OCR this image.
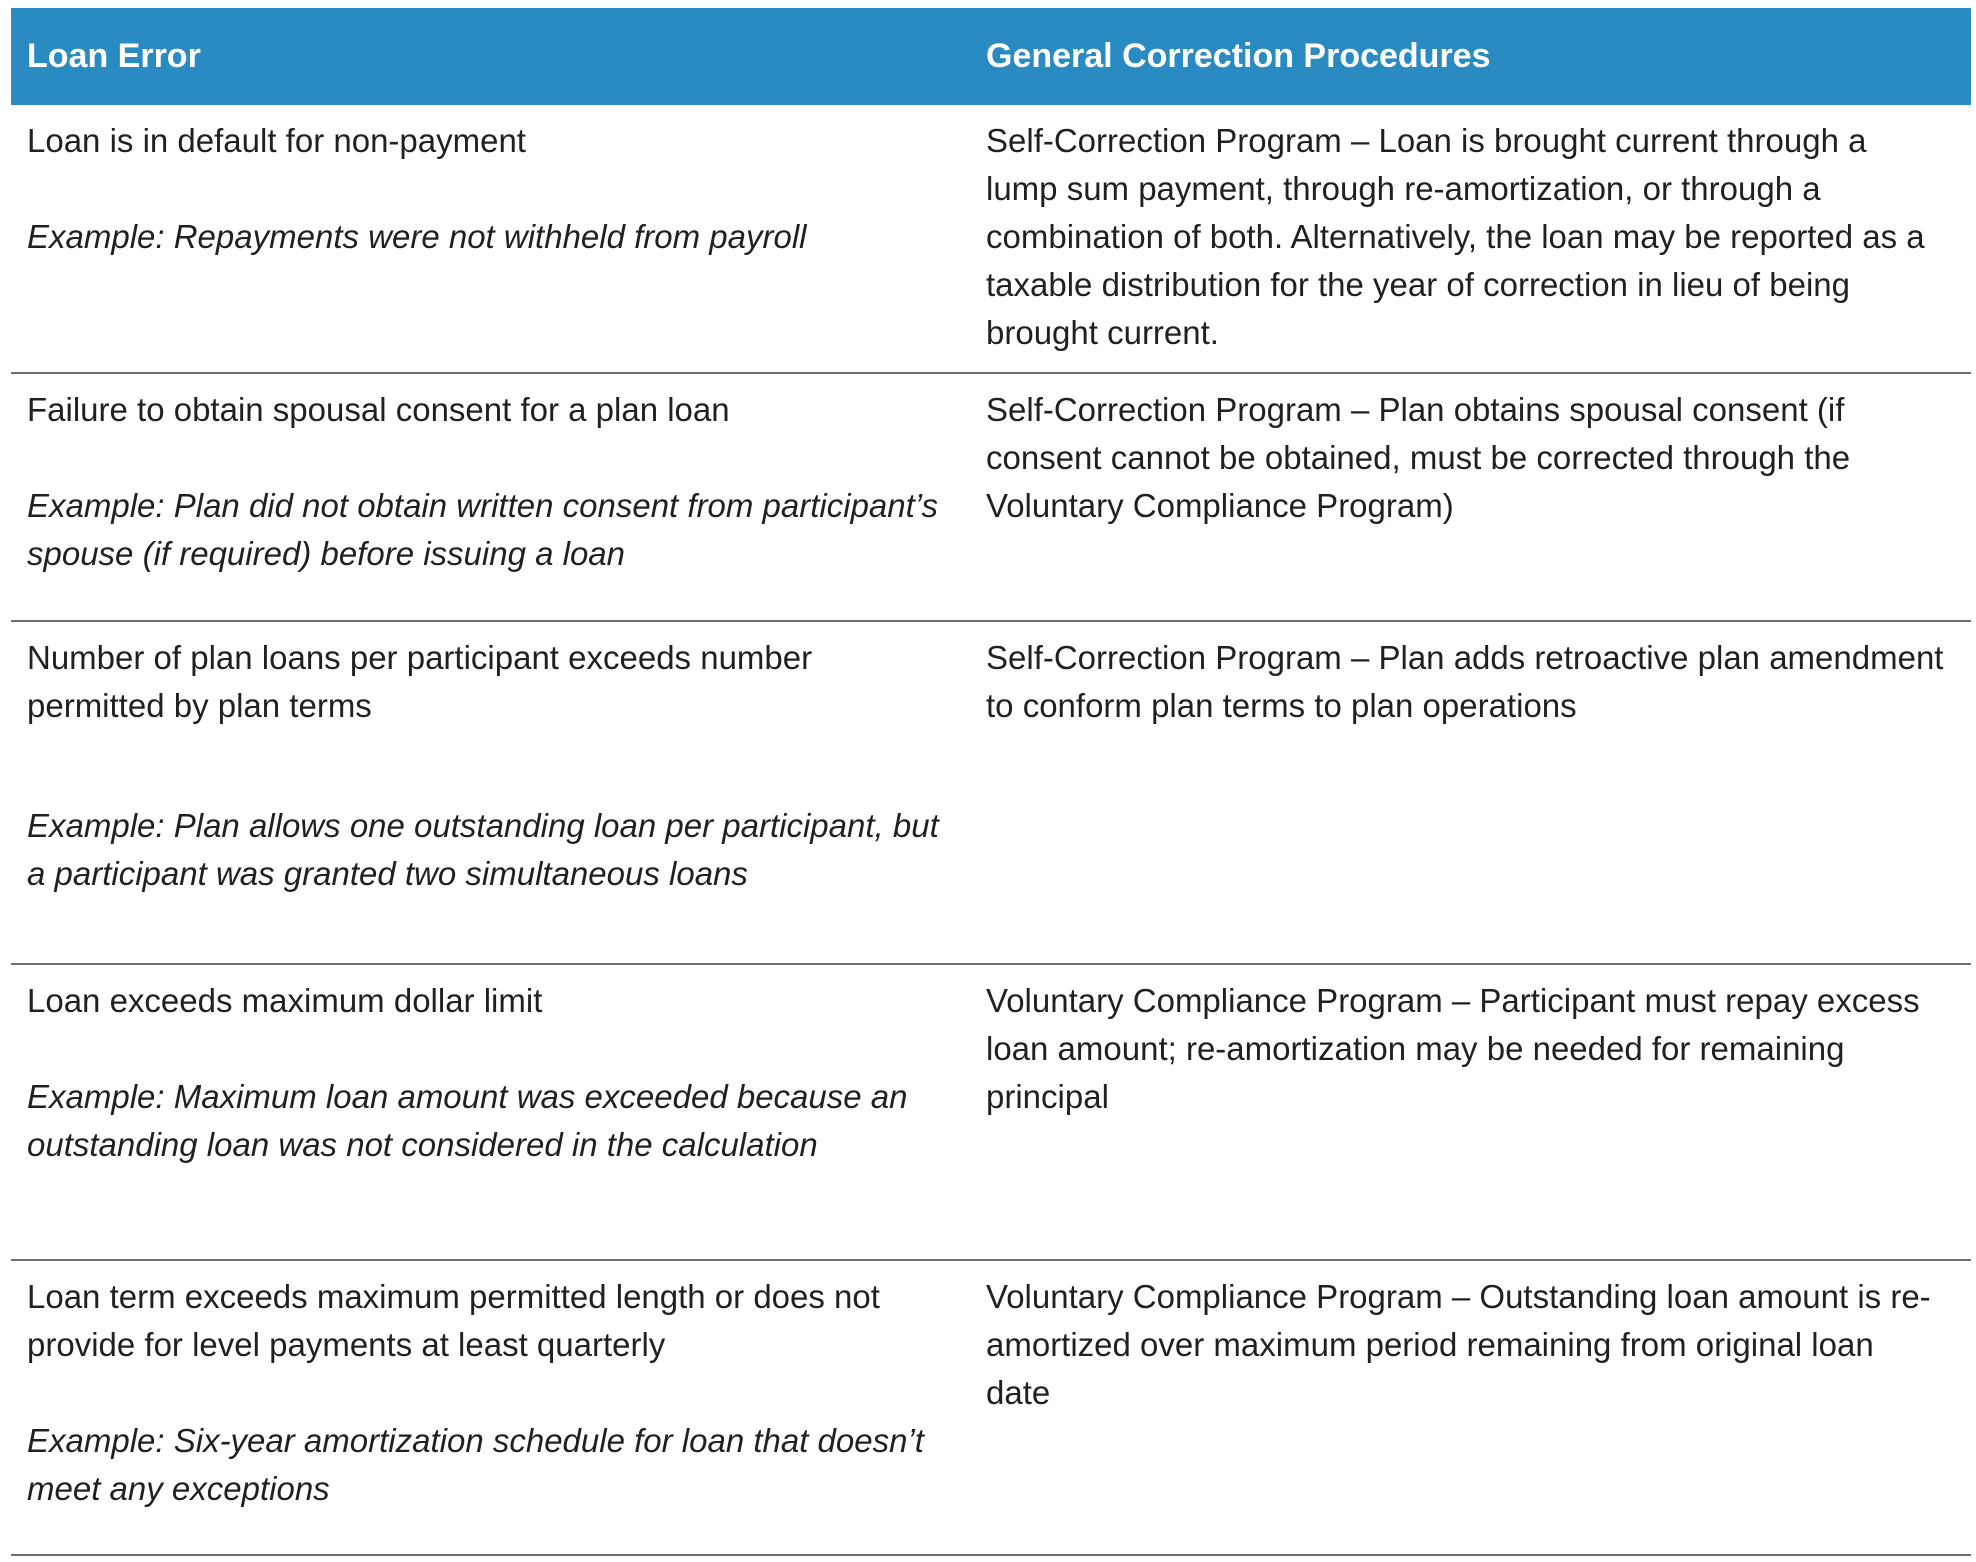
Loan Error	General Correction Procedures

Loan is in default for non-payment

Example: Repayments were not withheld from payroll

Self-Correction Program – Loan is brought current through a lump sum payment, through re-amortization, or through a combination of both. Alternatively, the loan may be reported as a taxable distribution for the year of correction in lieu of being brought current.

Failure to obtain spousal consent for a plan loan

Example: Plan did not obtain written consent from participant’s spouse (if required) before issuing a loan

Self-Correction Program – Plan obtains spousal consent (if consent cannot be obtained, must be corrected through the Voluntary Compliance Program)

Number of plan loans per participant exceeds number permitted by plan terms

Example: Plan allows one outstanding loan per participant, but a participant was granted two simultaneous loans

Self-Correction Program – Plan adds retroactive plan amendment to conform plan terms to plan operations

Loan exceeds maximum dollar limit

Example: Maximum loan amount was exceeded because an outstanding loan was not considered in the calculation

Voluntary Compliance Program – Participant must repay excess loan amount; re-amortization may be needed for remaining principal

Loan term exceeds maximum permitted length or does not provide for level payments at least quarterly

Example: Six-year amortization schedule for loan that doesn’t meet any exceptions

Voluntary Compliance Program – Outstanding loan amount is re-amortized over maximum period remaining from original loan date
